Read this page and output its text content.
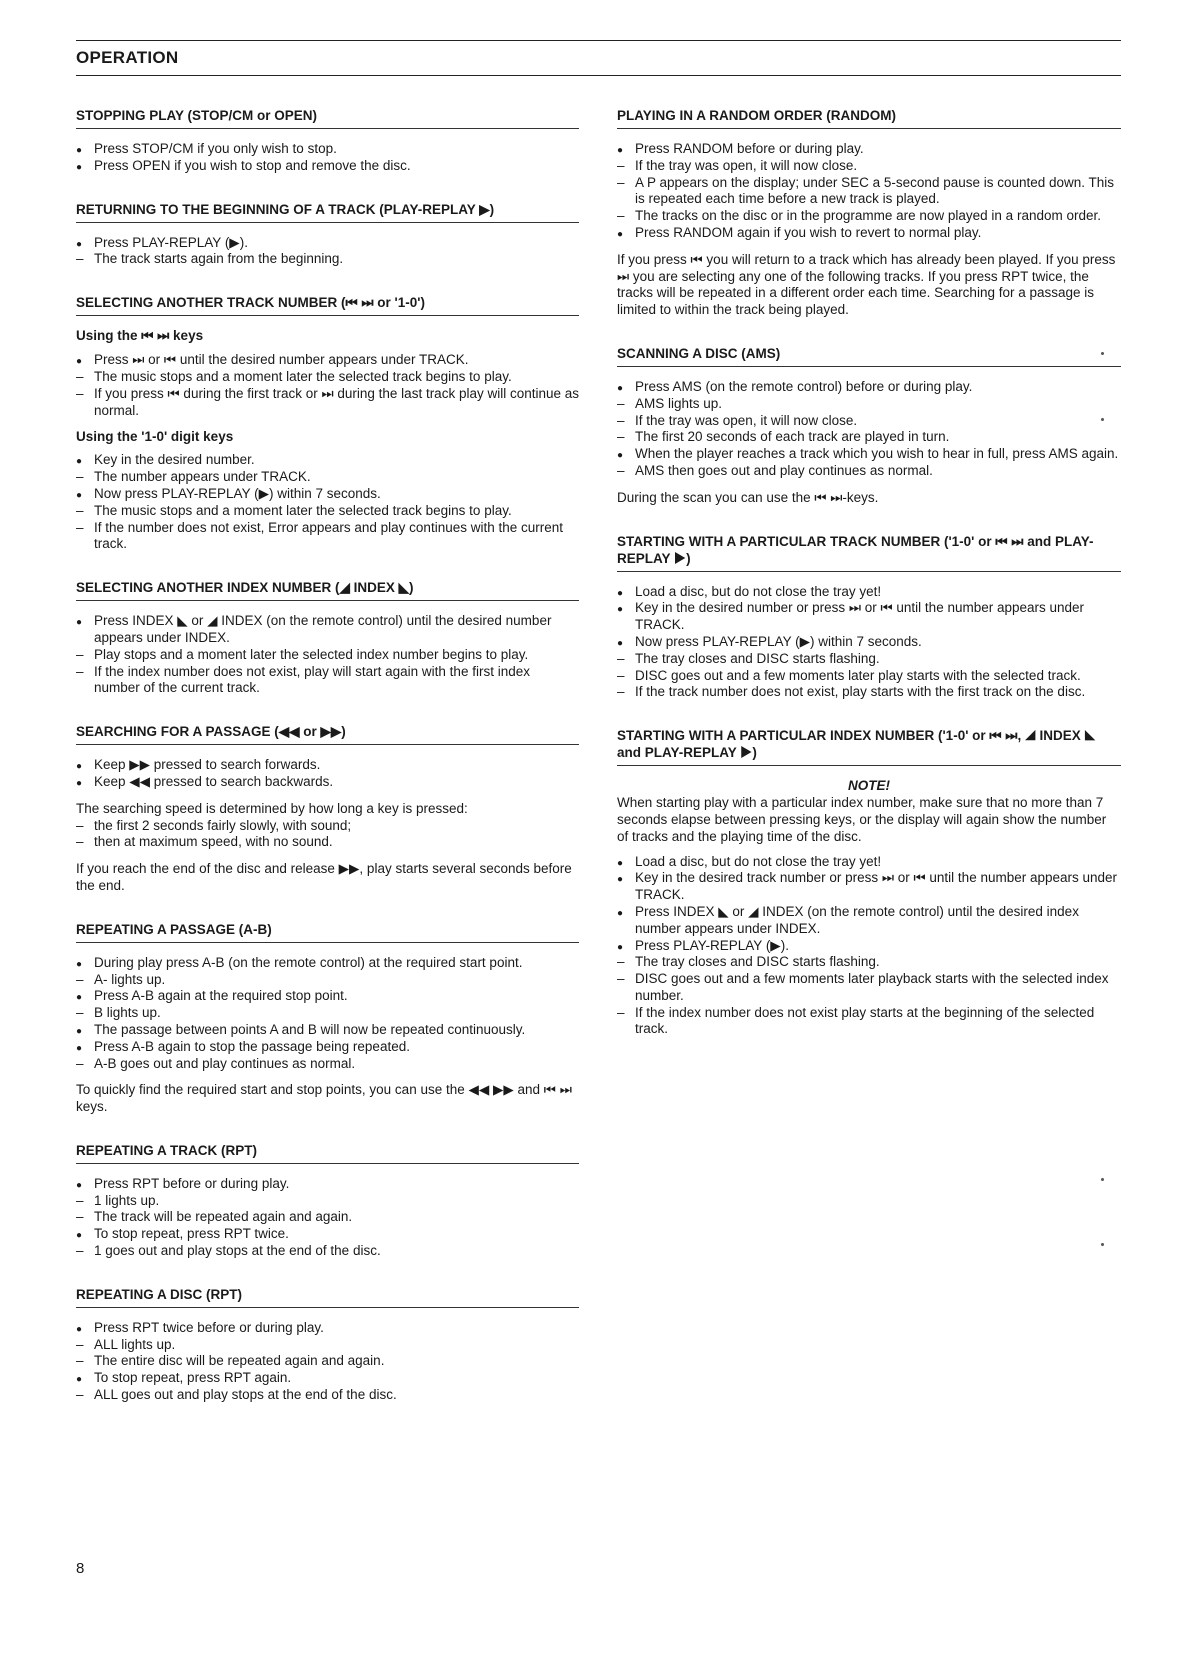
OPERATION
STOPPING PLAY (STOP/CM or OPEN)
●
Press STOP/CM if you only wish to stop.
●
Press OPEN if you wish to stop and remove the disc.
RETURNING TO THE BEGINNING OF A TRACK (PLAY-REPLAY ▶)
●
Press PLAY-REPLAY (▶).
–
The track starts again from the beginning.
SELECTING ANOTHER TRACK NUMBER (⏮ ⏭ or '1-0')
Using the ⏮ ⏭ keys
●
Press ⏭ or ⏮ until the desired number appears under TRACK.
–
The music stops and a moment later the selected track begins to play.
–
If you press ⏮ during the first track or ⏭ during the last track play will continue as normal.
Using the '1-0' digit keys
●
Key in the desired number.
–
The number appears under TRACK.
●
Now press PLAY-REPLAY (▶) within 7 seconds.
–
The music stops and a moment later the selected track begins to play.
–
If the number does not exist, Error appears and play continues with the current track.
SELECTING ANOTHER INDEX NUMBER (◢ INDEX ◣)
●
Press INDEX ◣ or ◢ INDEX (on the remote control) until the desired number appears under INDEX.
–
Play stops and a moment later the selected index number begins to play.
–
If the index number does not exist, play will start again with the first index number of the current track.
SEARCHING FOR A PASSAGE (◀◀ or ▶▶)
●
Keep ▶▶ pressed to search forwards.
●
Keep ◀◀ pressed to search backwards.

The searching speed is determined by how long a key is pressed:

–
the first 2 seconds fairly slowly, with sound;
–
then at maximum speed, with no sound.

If you reach the end of the disc and release ▶▶, play starts several seconds before the end.

REPEATING A PASSAGE (A-B)
●
During play press A-B (on the remote control) at the required start point.
–
A- lights up.
●
Press A-B again at the required stop point.
–
B lights up.
●
The passage between points A and B will now be repeated continuously.
●
Press A-B again to stop the passage being repeated.
–
A-B goes out and play continues as normal.

To quickly find the required start and stop points, you can use the ◀◀ ▶▶ and ⏮ ⏭ keys.

REPEATING A TRACK (RPT)
●
Press RPT before or during play.
–
1 lights up.
–
The track will be repeated again and again.
●
To stop repeat, press RPT twice.
–
1 goes out and play stops at the end of the disc.
REPEATING A DISC (RPT)
●
Press RPT twice before or during play.
–
ALL lights up.
–
The entire disc will be repeated again and again.
●
To stop repeat, press RPT again.
–
ALL goes out and play stops at the end of the disc.
PLAYING IN A RANDOM ORDER (RANDOM)
●
Press RANDOM before or during play.
–
If the tray was open, it will now close.
–
A P appears on the display; under SEC a 5-second pause is counted down. This is repeated each time before a new track is played.
–
The tracks on the disc or in the programme are now played in a random order.
●
Press RANDOM again if you wish to revert to normal play.

If you press ⏮ you will return to a track which has already been played. If you press ⏭ you are selecting any one of the following tracks. If you press RPT twice, the tracks will be repeated in a different order each time. Searching for a passage is limited to within the track being played.

SCANNING A DISC (AMS)
●
Press AMS (on the remote control) before or during play.
–
AMS lights up.
–
If the tray was open, it will now close.
–
The first 20 seconds of each track are played in turn.
●
When the player reaches a track which you wish to hear in full, press AMS again.
–
AMS then goes out and play continues as normal.

During the scan you can use the ⏮ ⏭-keys.

STARTING WITH A PARTICULAR TRACK NUMBER ('1-0' or ⏮ ⏭ and PLAY-REPLAY ▶)
●
Load a disc, but do not close the tray yet!
●
Key in the desired number or press ⏭ or ⏮ until the number appears under TRACK.
●
Now press PLAY-REPLAY (▶) within 7 seconds.
–
The tray closes and DISC starts flashing.
–
DISC goes out and a few moments later play starts with the selected track.
–
If the track number does not exist, play starts with the first track on the disc.
STARTING WITH A PARTICULAR INDEX NUMBER ('1-0' or ⏮ ⏭, ◢ INDEX ◣ and PLAY-REPLAY ▶)
NOTE!

When starting play with a particular index number, make sure that no more than 7 seconds elapse between pressing keys, or the display will again show the number of tracks and the playing time of the disc.

●
Load a disc, but do not close the tray yet!
●
Key in the desired track number or press ⏭ or ⏮ until the number appears under TRACK.
●
Press INDEX ◣ or ◢ INDEX (on the remote control) until the desired index number appears under INDEX.
●
Press PLAY-REPLAY (▶).
–
The tray closes and DISC starts flashing.
–
DISC goes out and a few moments later playback starts with the selected index number.
–
If the index number does not exist play starts at the beginning of the selected track.
8
